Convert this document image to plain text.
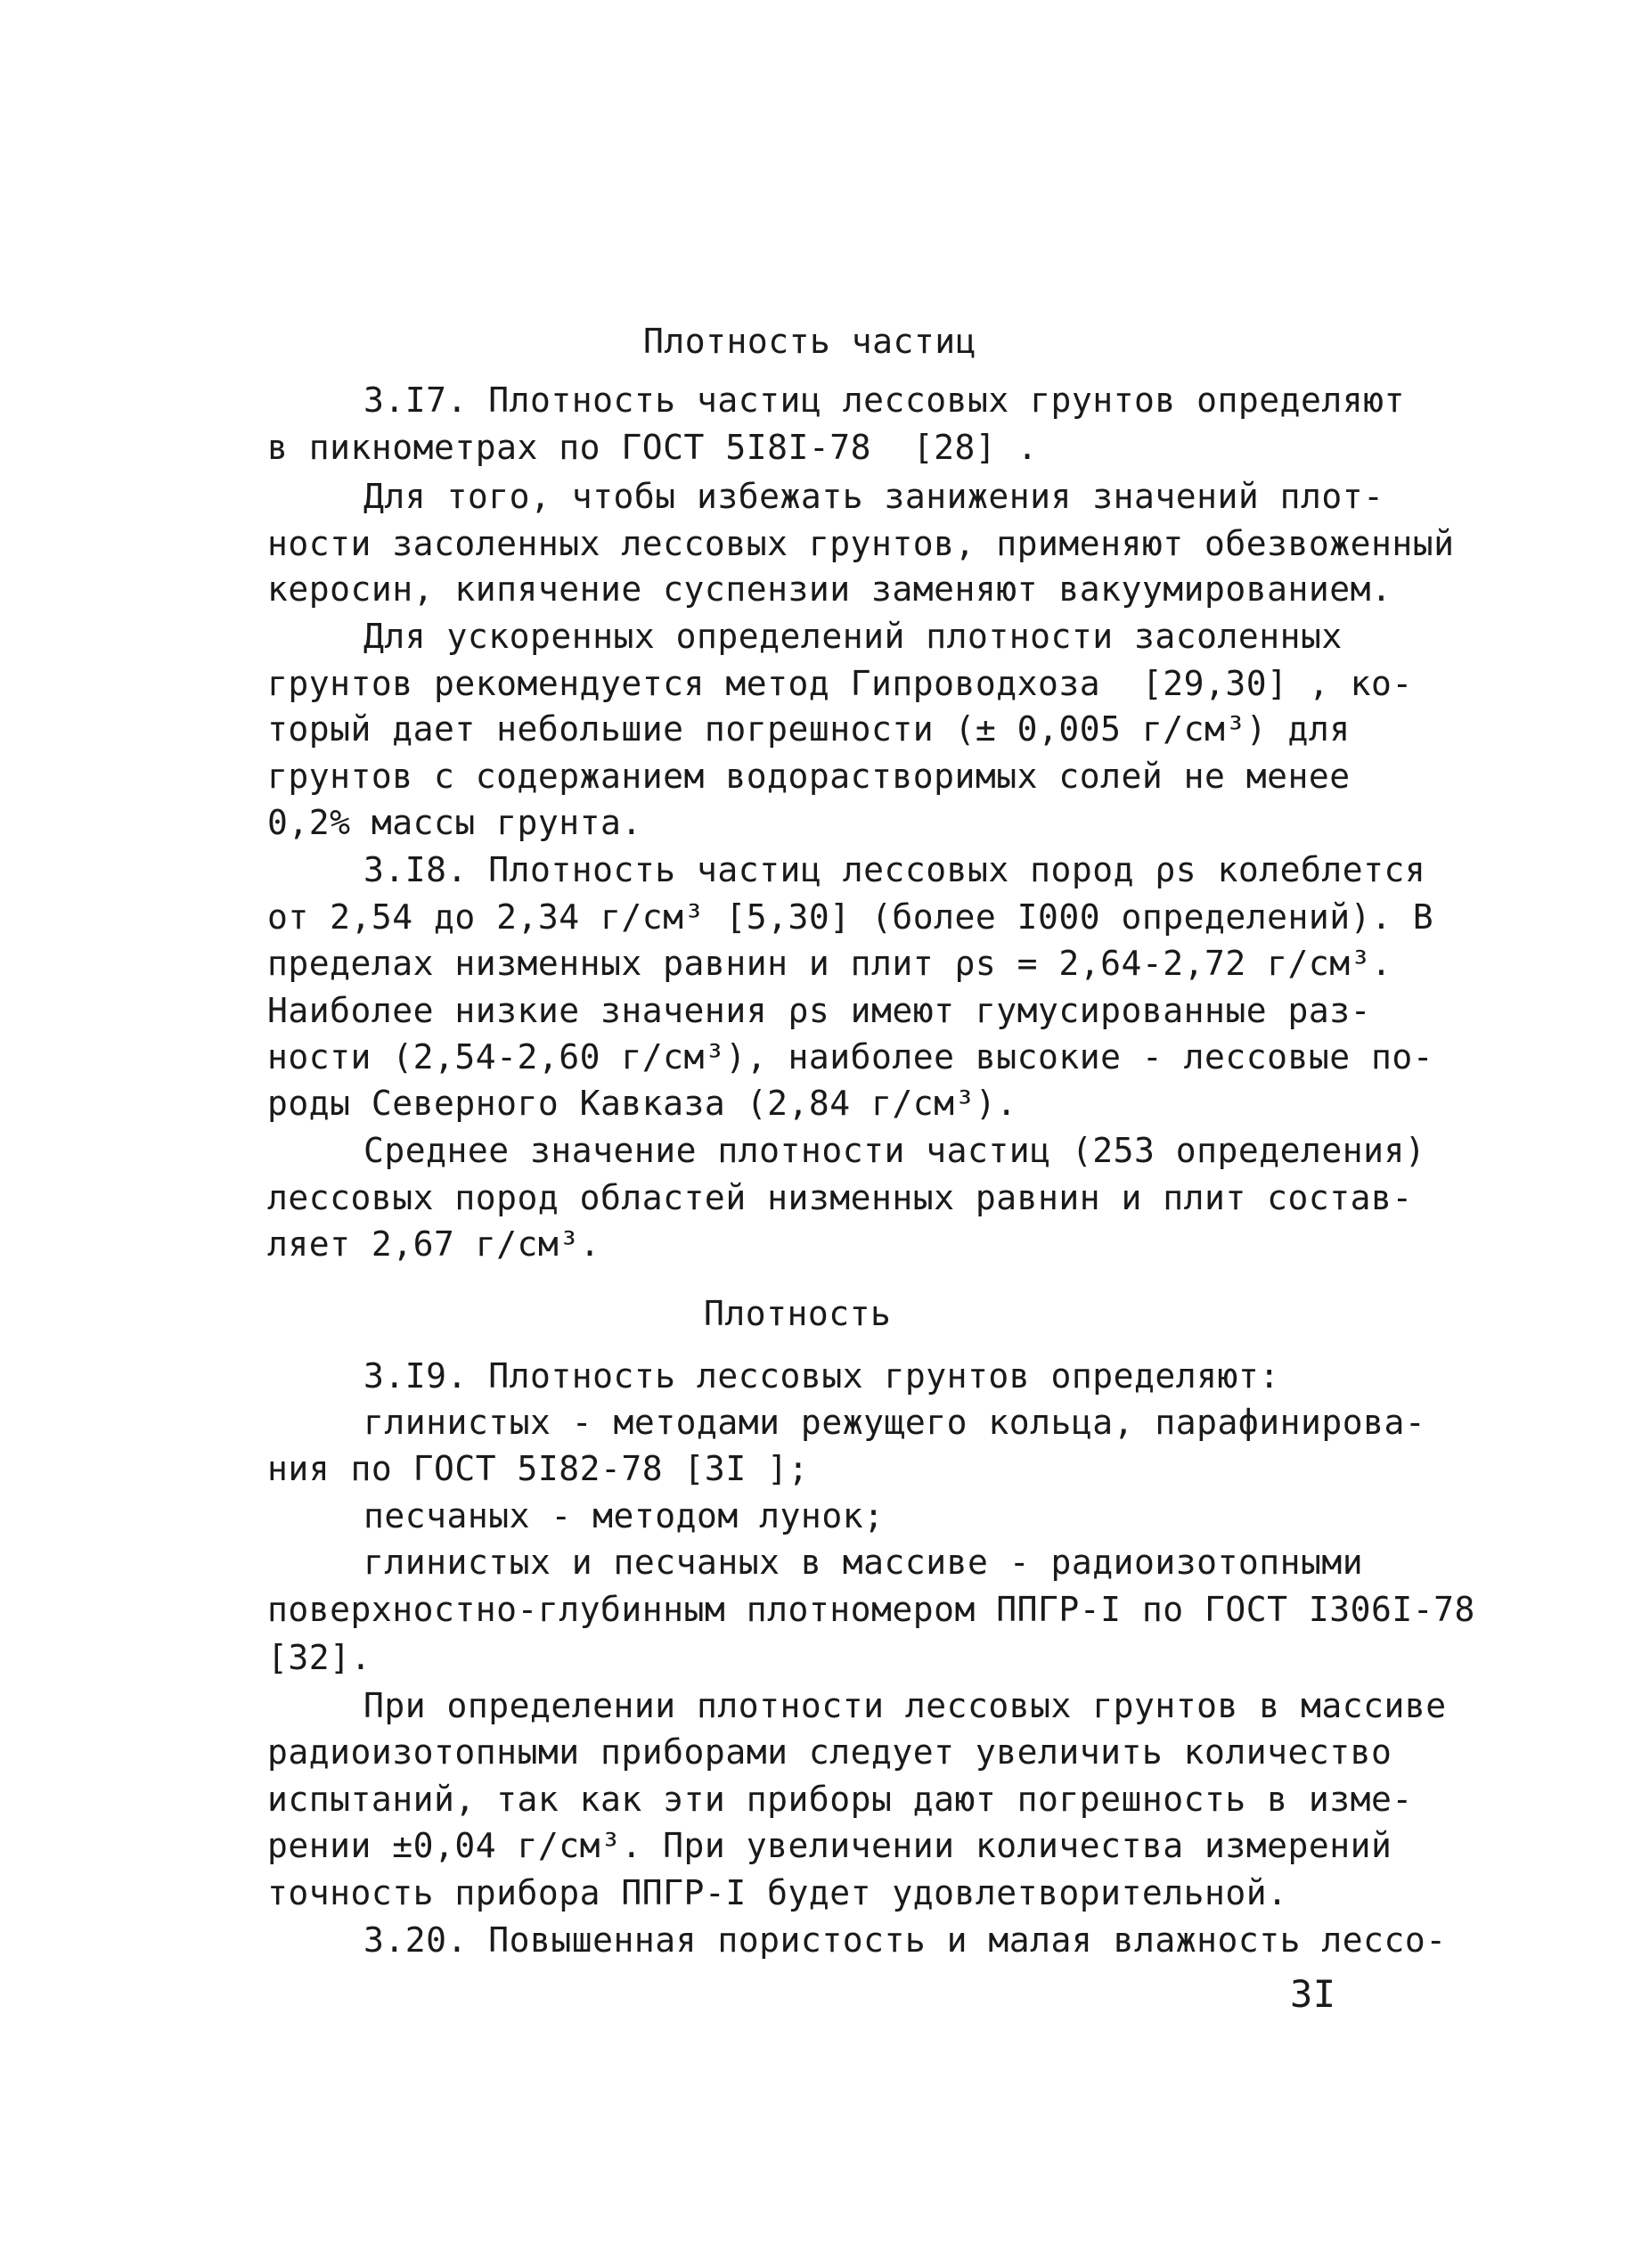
Плотность частиц
3.I7. Плотность частиц лессовых грунтов определяют
в пикнометрах по ГОСТ 5I8I-78  [28] .
Для того, чтобы избежать занижения значений плот-
ности засоленных лессовых грунтов, применяют обезвоженный
керосин, кипячение суспензии заменяют вакуумированием.
Для ускоренных определений плотности засоленных
грунтов рекомендуется метод Гипроводхоза  [29,30] , ко-
торый дает небольшие погрешности (± 0,005 г/см³) для
грунтов с содержанием водорастворимых солей не менее
0,2% массы грунта.
3.I8. Плотность частиц лессовых пород ρs колеблется
от 2,54 до 2,34 г/см³ [5,30] (более I000 определений). В
пределах низменных равнин и плит ρs = 2,64-2,72 г/см³.
Наиболее низкие значения ρs имеют гумусированные раз-
ности (2,54-2,60 г/см³), наиболее высокие - лессовые по-
роды Северного Кавказа (2,84 г/см³).
Среднее значение плотности частиц (253 определения)
лессовых пород областей низменных равнин и плит состав-
ляет 2,67 г/см³.
Плотность
3.I9. Плотность лессовых грунтов определяют:
глинистых - методами режущего кольца, парафинирова-
ния по ГОСТ 5I82-78 [3I ];
песчаных - методом лунок;
глинистых и песчаных в массиве - радиоизотопными
поверхностно-глубинным плотномером ППГР-I по ГОСТ I306I-78
[32].
При определении плотности лессовых грунтов в массиве
радиоизотопными приборами следует увеличить количество
испытаний, так как эти приборы дают погрешность в изме-
рении ±0,04 г/см³. При увеличении количества измерений
точность прибора ППГР-I будет удовлетворительной.
3.20. Повышенная пористость и малая влажность лессо-
3I
